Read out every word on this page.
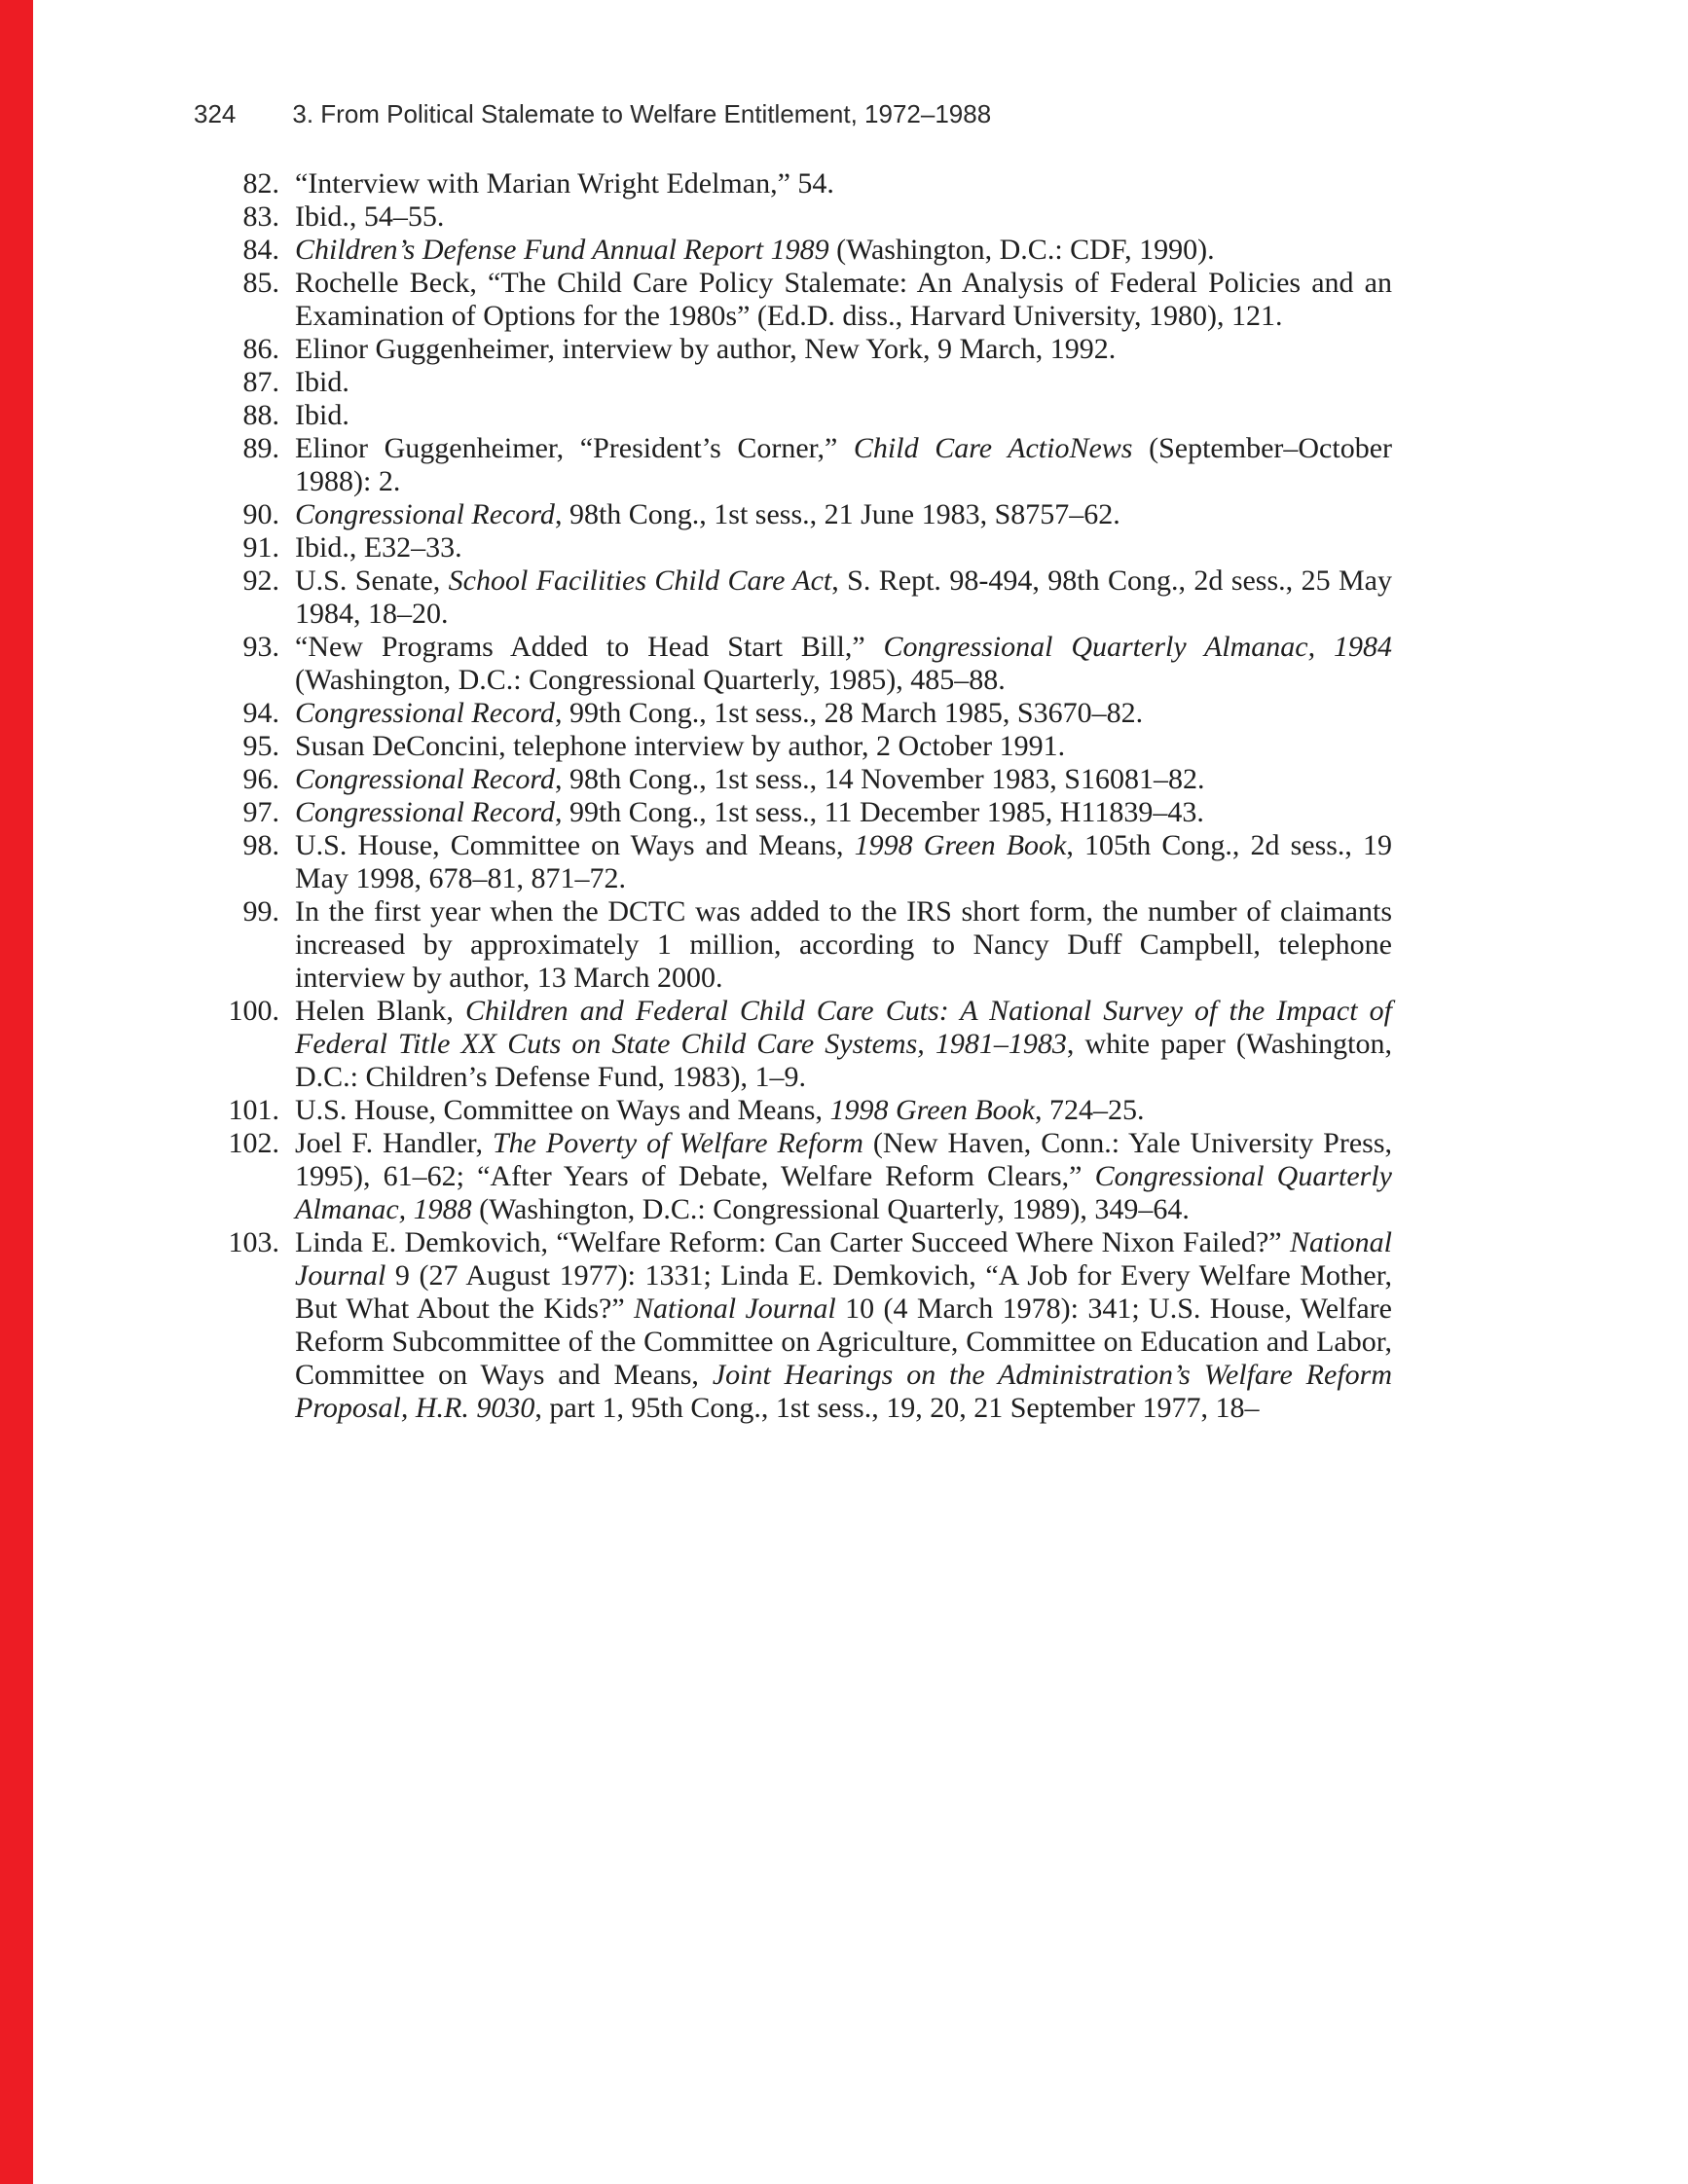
324 3. From Political Stalemate to Welfare Entitlement, 1972–1988
82. “Interview with Marian Wright Edelman,” 54.
83. Ibid., 54–55.
84. Children’s Defense Fund Annual Report 1989 (Washington, D.C.: CDF, 1990).
85. Rochelle Beck, “The Child Care Policy Stalemate: An Analysis of Federal Policies and an Examination of Options for the 1980s” (Ed.D. diss., Harvard University, 1980), 121.
86. Elinor Guggenheimer, interview by author, New York, 9 March, 1992.
87. Ibid.
88. Ibid.
89. Elinor Guggenheimer, “President’s Corner,” Child Care ActioNews (September–October 1988): 2.
90. Congressional Record, 98th Cong., 1st sess., 21 June 1983, S8757–62.
91. Ibid., E32–33.
92. U.S. Senate, School Facilities Child Care Act, S. Rept. 98-494, 98th Cong., 2d sess., 25 May 1984, 18–20.
93. “New Programs Added to Head Start Bill,” Congressional Quarterly Almanac, 1984 (Washington, D.C.: Congressional Quarterly, 1985), 485–88.
94. Congressional Record, 99th Cong., 1st sess., 28 March 1985, S3670–82.
95. Susan DeConcini, telephone interview by author, 2 October 1991.
96. Congressional Record, 98th Cong., 1st sess., 14 November 1983, S16081–82.
97. Congressional Record, 99th Cong., 1st sess., 11 December 1985, H11839–43.
98. U.S. House, Committee on Ways and Means, 1998 Green Book, 105th Cong., 2d sess., 19 May 1998, 678–81, 871–72.
99. In the first year when the DCTC was added to the IRS short form, the number of claimants increased by approximately 1 million, according to Nancy Duff Campbell, telephone interview by author, 13 March 2000.
100. Helen Blank, Children and Federal Child Care Cuts: A National Survey of the Impact of Federal Title XX Cuts on State Child Care Systems, 1981–1983, white paper (Washington, D.C.: Children’s Defense Fund, 1983), 1–9.
101. U.S. House, Committee on Ways and Means, 1998 Green Book, 724–25.
102. Joel F. Handler, The Poverty of Welfare Reform (New Haven, Conn.: Yale University Press, 1995), 61–62; “After Years of Debate, Welfare Reform Clears,” Congressional Quarterly Almanac, 1988 (Washington, D.C.: Congressional Quarterly, 1989), 349–64.
103. Linda E. Demkovich, “Welfare Reform: Can Carter Succeed Where Nixon Failed?” National Journal 9 (27 August 1977): 1331; Linda E. Demkovich, “A Job for Every Welfare Mother, But What About the Kids?” National Journal 10 (4 March 1978): 341; U.S. House, Welfare Reform Subcommittee of the Committee on Agriculture, Committee on Education and Labor, Committee on Ways and Means, Joint Hearings on the Administration’s Welfare Reform Proposal, H.R. 9030, part 1, 95th Cong., 1st sess., 19, 20, 21 September 1977, 18–
